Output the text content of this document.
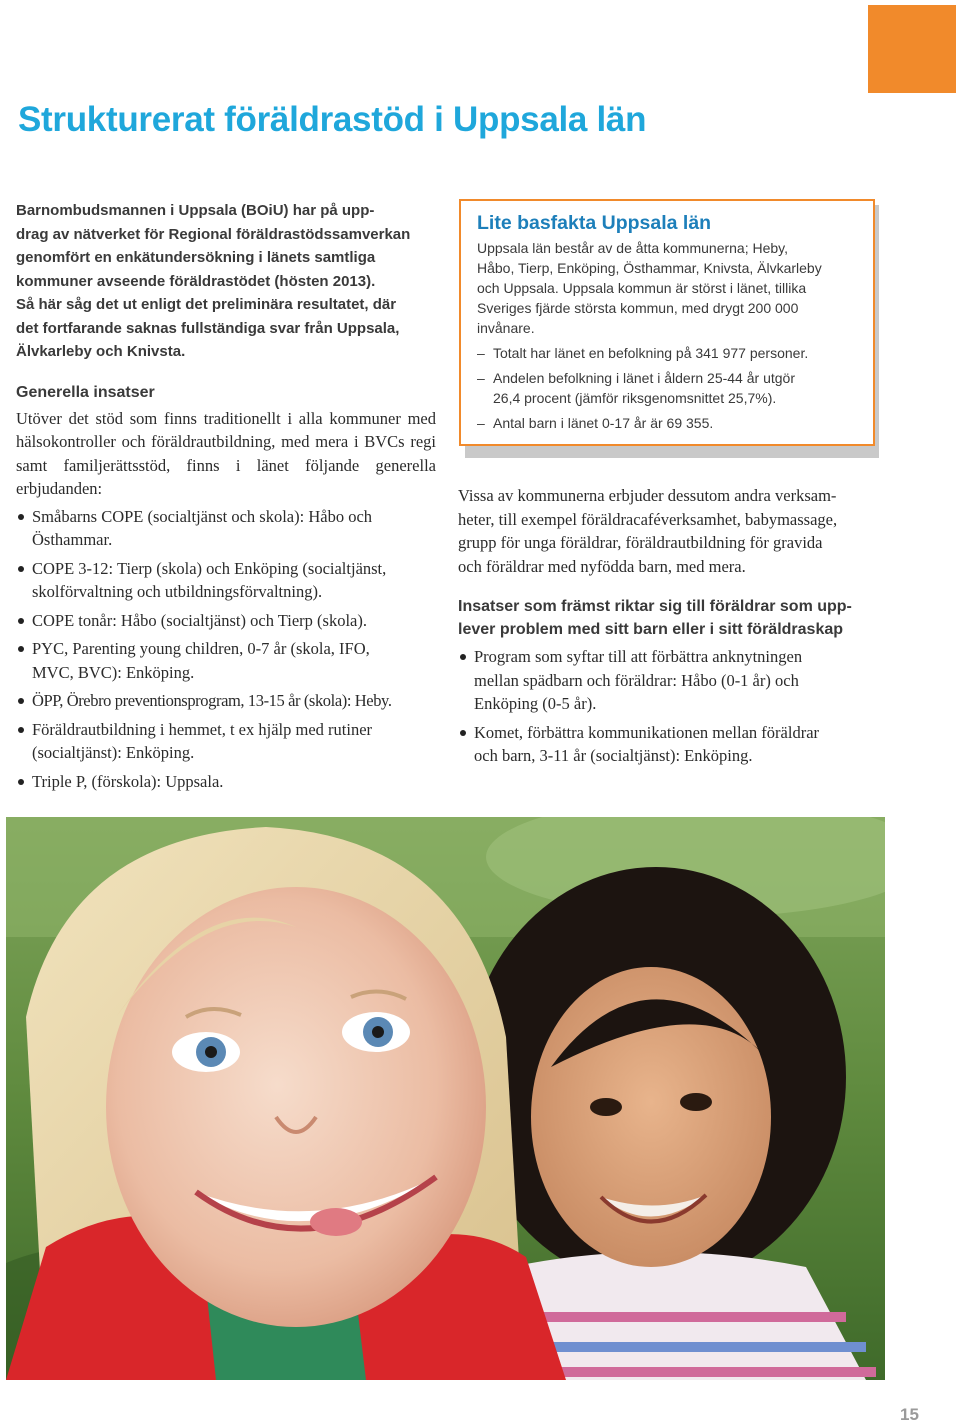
Strukturerat föräldrastöd i Uppsala län

Barnombudsmannen i Uppsala (BOiU) har på upp-
drag av nätverket för Regional föräldrastödssamverkan
genomfört en enkätundersökning i länets samtliga
kommuner avseende föräldrastödet (hösten 2013).
Så här såg det ut enligt det preliminära resultatet, där
det fortfarande saknas fullständiga svar från Uppsala,
Älvkarleby och Knivsta.

Generella insatser

Utöver det stöd som finns traditionellt i alla kommuner med hälsokontroller och föräldrautbildning, med mera i BVCs regi samt familjerättsstöd, finns i länet följande generella erbjudanden:

Småbarns COPE (socialtjänst och skola): Håbo och
Östhammar.
COPE 3-12: Tierp (skola) och Enköping (socialtjänst,
skolförvaltning och utbildningsförvaltning).
COPE tonår: Håbo (socialtjänst) och Tierp (skola).
PYC, Parenting young children, 0-7 år (skola, IFO,
MVC, BVC): Enköping.
ÖPP, Örebro preventionsprogram, 13-15 år (skola): Heby.
Föräldrautbildning i hemmet, t ex hjälp med rutiner
(socialtjänst): Enköping.
Triple P, (förskola): Uppsala.
Lite basfakta Uppsala län

Uppsala län består av de åtta kommunerna; Heby,
Håbo, Tierp, Enköping, Östhammar, Knivsta, Älvkarleby
och Uppsala. Uppsala kommun är störst i länet, tillika
Sveriges fjärde största kommun, med drygt 200 000
invånare.

– Totalt har länet en befolkning på 341 977 personer.
– Andelen befolkning i länet i åldern 25-44 år utgör
26,4 procent (jämför riksgenomsnittet 25,7%).
– Antal barn i länet 0-17 år är 69 355.

Vissa av kommunerna erbjuder dessutom andra verksam-
heter, till exempel föräldracaféverksamhet, babymassage,
grupp för unga föräldrar, föräldrautbildning för gravida
och föräldrar med nyfödda barn, med mera.

Insatser som främst riktar sig till föräldrar som upp-
lever problem med sitt barn eller i sitt föräldraskap
Program som syftar till att förbättra anknytningen
mellan spädbarn och föräldrar: Håbo (0-1 år) och
Enköping (0-5 år).
Komet, förbättra kommunikationen mellan föräldrar
och barn, 3-11 år (socialtjänst): Enköping.
15
